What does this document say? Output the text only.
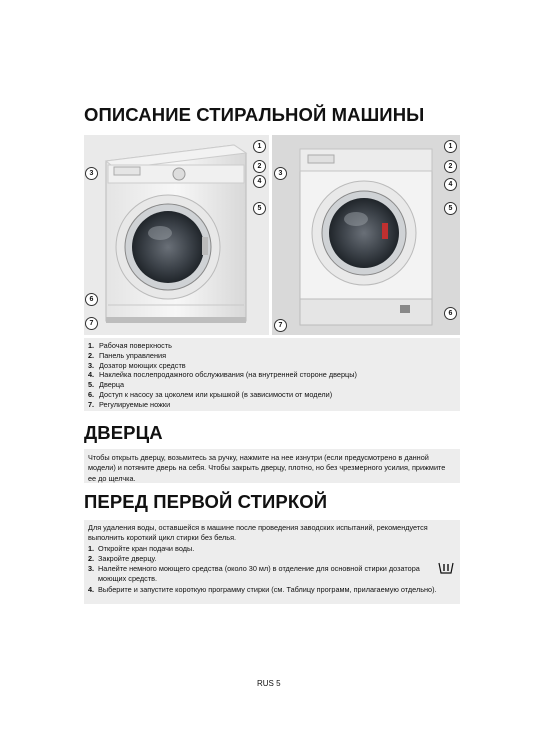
ОПИСАНИЕ СТИРАЛЬНОЙ МАШИНЫ
1
2
3
4
5
6
7
1
2
3
4
5
6
7
1. Рабочая поверхность
2. Панель управления
3. Дозатор моющих средств
4. Наклейка послепродажного обслуживания (на внутренней стороне дверцы)
5. Дверца
6. Доступ к насосу за цоколем или крышкой (в зависимости от модели)
7. Регулируемые ножки
ДВЕРЦА
Чтобы открыть дверцу, возьмитесь за ручку, нажмите на нее изнутри (если предусмотрено в данной модели) и потяните дверь на себя. Чтобы закрыть дверцу, плотно, но без чрезмерного усилия, прижмите ее до щелчка.
ПЕРЕД ПЕРВОЙ СТИРКОЙ
Для удаления воды, оставшейся в машине после проведения заводских испытаний, рекомендуется выполнить короткий цикл стирки без белья.
1. Откройте кран подачи воды.
2. Закройте дверцу.
3. Налейте немного моющего средства (около 30 мл) в отделение для основной стирки дозатора моющих средств.
4. Выберите и запустите короткую программу стирки (см. Таблицу программ, прилагаемую отдельно).
RUS 5
